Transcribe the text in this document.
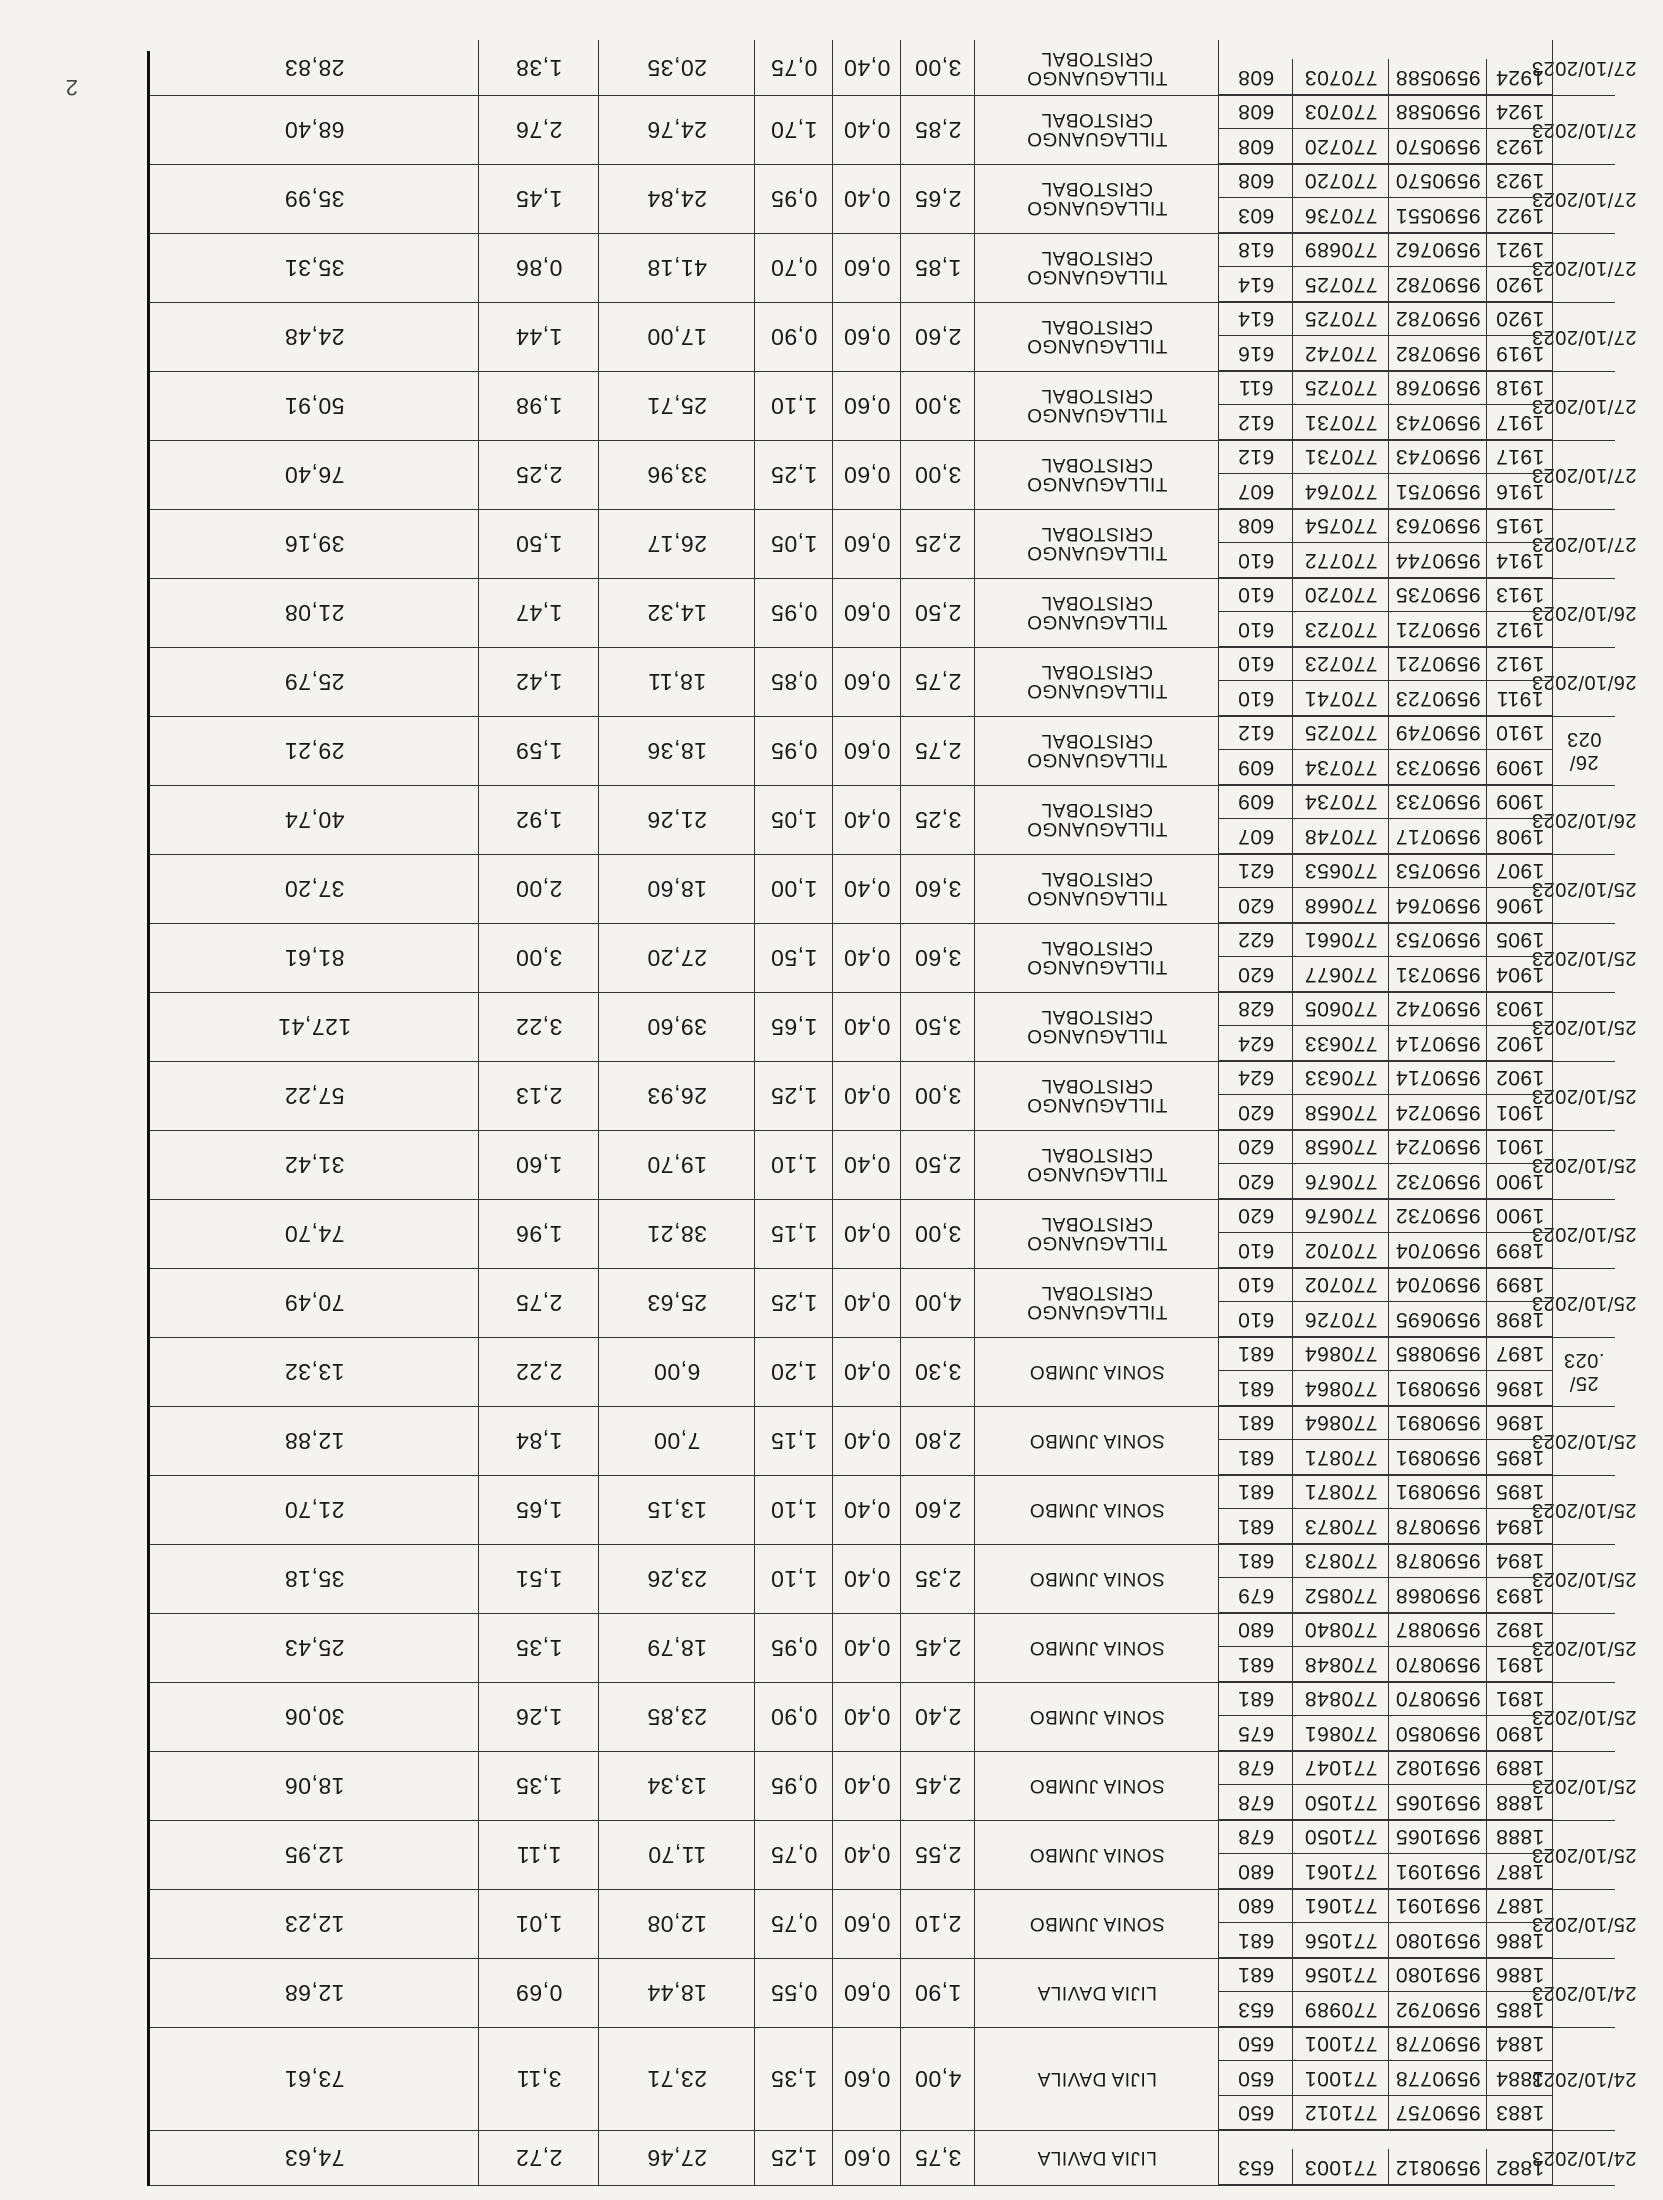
24/10/2023
1882
9590812
771003
653
LIJIA DAVILA
3,75
0,60
1,25
27,46
2,72
74,63
24/10/2023
1883
9590757
771012
650
1884
9590778
771001
650
1884
9590778
771001
650
LIJIA DAVILA
4,00
0,60
1,35
23,71
3,11
73,61
24/10/2023
1885
9590792
770989
653
1886
9591080
771056
681
LIJIA DAVILA
1,90
0,60
0,55
18,44
0,69
12,68
25/10/2023
1886
9591080
771056
681
1887
9591091
771061
680
SONIA JUMBO
2,10
0,60
0,75
12,08
1,01
12,23
25/10/2023
1887
9591091
771061
680
1888
9591065
771050
678
SONIA JUMBO
2,55
0,40
0,75
11,70
1,11
12,95
25/10/2023
1888
9591065
771050
678
1889
9591082
771047
678
SONIA JUMBO
2,45
0,40
0,95
13,34
1,35
18,06
25/10/2023
1890
9590850
770861
675
1891
9590870
770848
681
SONIA JUMBO
2,40
0,40
0,90
23,85
1,26
30,06
25/10/2023
1891
9590870
770848
681
1892
9590887
770840
680
SONIA JUMBO
2,45
0,40
0,95
18,79
1,35
25,43
25/10/2023
1893
9590868
770852
679
1894
9590878
770873
681
SONIA JUMBO
2,35
0,40
1,10
23,26
1,51
35,18
25/10/2023
1894
9590878
770873
681
1895
9590891
770871
681
SONIA JUMBO
2,60
0,40
1,10
13,15
1,65
21,70
25/10/2023
1895
9590891
770871
681
1896
9590891
770864
681
SONIA JUMBO
2,80
0,40
1,15
7,00
1,84
12,88
25/ .023
1896
9590891
770864
681
1897
9590885
770864
681
SONIA JUMBO
3,30
0,40
1,20
6,00
2,22
13,32
25/10/2023
1898
9590695
770726
610
1899
9590704
770702
610
TILLAGUANGO CRISTOBAL
4,00
0,40
1,25
25,63
2,75
70,49
25/10/2023
1899
9590704
770702
610
1900
9590732
770676
620
TILLAGUANGO CRISTOBAL
3,00
0,40
1,15
38,21
1,96
74,70
25/10/2023
1900
9590732
770676
620
1901
9590724
770658
620
TILLAGUANGO CRISTOBAL
2,50
0,40
1,10
19,70
1,60
31,42
25/10/2023
1901
9590724
770658
620
1902
9590714
770633
624
TILLAGUANGO CRISTOBAL
3,00
0,40
1,25
26,93
2,13
57,22
25/10/2023
1902
9590714
770633
624
1903
9590742
770605
628
TILLAGUANGO CRISTOBAL
3,50
0,40
1,65
39,60
3,22
127,41
25/10/2023
1904
9590731
770677
620
1905
9590753
770661
622
TILLAGUANGO CRISTOBAL
3,60
0,40
1,50
27,20
3,00
81,61
25/10/2023
1906
9590764
770668
620
1907
9590753
770653
621
TILLAGUANGO CRISTOBAL
3,60
0,40
1,00
18,60
2,00
37,20
26/10/2023
1908
9590717
770748
607
1909
9590733
770734
609
TILLAGUANGO CRISTOBAL
3,25
0,40
1,05
21,26
1,92
40,74
26/ 023
1909
9590733
770734
609
1910
9590749
770725
612
TILLAGUANGO CRISTOBAL
2,75
0,60
0,95
18,36
1,59
29,21
26/10/2023
1911
9590723
770741
610
1912
9590721
770723
610
TILLAGUANGO CRISTOBAL
2,75
0,60
0,85
18,11
1,42
25,79
26/10/2023
1912
9590721
770723
610
1913
9590735
770720
610
TILLAGUANGO CRISTOBAL
2,50
0,60
0,95
14,32
1,47
21,08
27/10/2023
1914
9590744
770772
610
1915
9590763
770754
608
TILLAGUANGO CRISTOBAL
2,25
0,60
1,05
26,17
1,50
39,16
27/10/2023
1916
9590751
770764
607
1917
9590743
770731
612
TILLAGUANGO CRISTOBAL
3,00
0,60
1,25
33,96
2,25
76,40
27/10/2023
1917
9590743
770731
612
1918
9590768
770725
611
TILLAGUANGO CRISTOBAL
3,00
0,60
1,10
25,71
1,98
50,91
27/10/2023
1919
9590782
770742
616
1920
9590782
770725
614
TILLAGUANGO CRISTOBAL
2,60
0,60
0,90
17,00
1,44
24,48
27/10/2023
1920
9590782
770725
614
1921
9590762
770689
618
TILLAGUANGO CRISTOBAL
1,85
0,60
0,70
41,18
0,86
35,31
27/10/2023
1922
9590551
770736
603
1923
9590570
770720
608
TILLAGUANGO CRISTOBAL
2,65
0,40
0,95
24,84
1,45
35,99
27/10/2023
1923
9590570
770720
608
1924
9590588
770703
608
TILLAGUANGO CRISTOBAL
2,85
0,40
1,70
24,76
2,76
68,40
27/10/2023
1924
9590588
770703
608
TILLAGUANGO CRISTOBAL
3,00
0,40
0,75
20,35
1,38
28,83
2
